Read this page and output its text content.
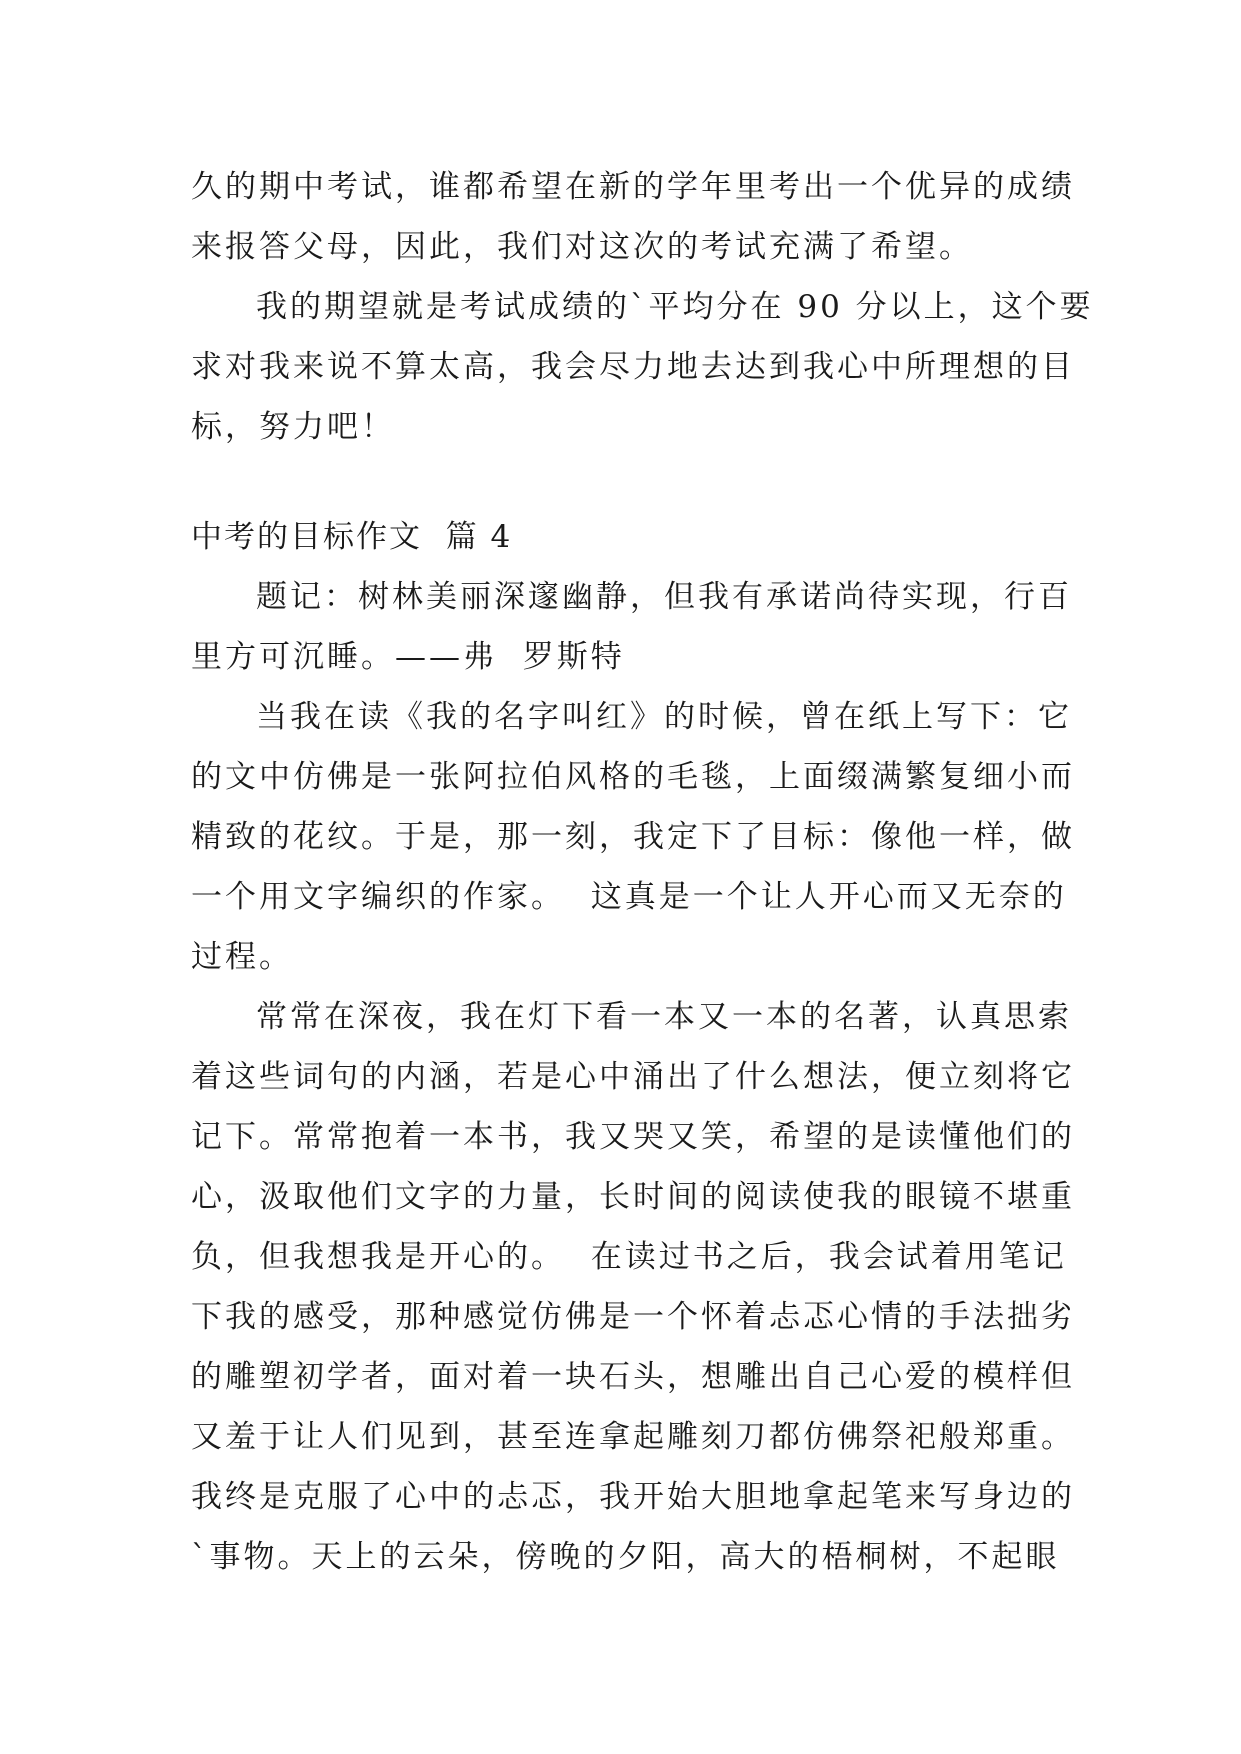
久的期中考试，谁都希望在新的学年里考出一个优异的成绩
来报答父母，因此，我们对这次的考试充满了希望。
我的期望就是考试成绩的`平均分在 90 分以上，这个要
求对我来说不算太高，我会尽力地去达到我心中所理想的目
标，努力吧！
中考的目标作文  篇 4
题记：树林美丽深邃幽静，但我有承诺尚待实现，行百
里方可沉睡。——弗  罗斯特
当我在读《我的名字叫红》的时候，曾在纸上写下：它
的文中仿佛是一张阿拉伯风格的毛毯，上面缀满繁复细小而
精致的花纹。于是，那一刻，我定下了目标：像他一样，做
一个用文字编织的作家。  这真是一个让人开心而又无奈的
过程。
常常在深夜，我在灯下看一本又一本的名著，认真思索
着这些词句的内涵，若是心中涌出了什么想法，便立刻将它
记下。常常抱着一本书，我又哭又笑，希望的是读懂他们的
心，汲取他们文字的力量，长时间的阅读使我的眼镜不堪重
负，但我想我是开心的。  在读过书之后，我会试着用笔记
下我的感受，那种感觉仿佛是一个怀着忐忑心情的手法拙劣
的雕塑初学者，面对着一块石头，想雕出自己心爱的模样但
又羞于让人们见到，甚至连拿起雕刻刀都仿佛祭祀般郑重。
我终是克服了心中的忐忑，我开始大胆地拿起笔来写身边的
`事物。天上的云朵，傍晚的夕阳，高大的梧桐树，不起眼
